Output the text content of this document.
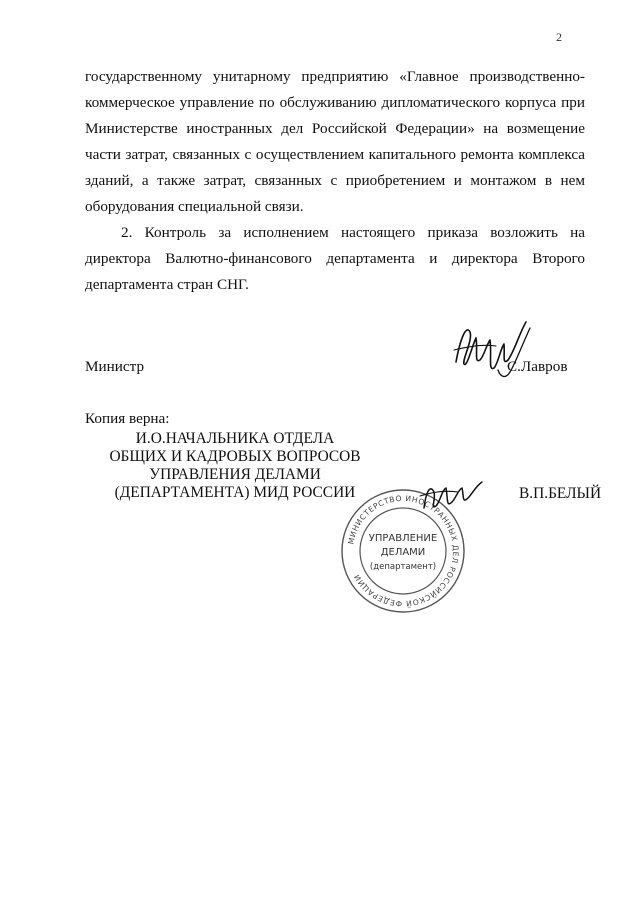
2
государственному унитарному предприятию «Главное производственно-
коммерческое управление по обслуживанию дипломатического корпуса при
Министерстве иностранных дел Российской Федерации» на возмещение
части затрат, связанных с осуществлением капитального ремонта комплекса
зданий, а также затрат, связанных с приобретением и монтажом в нем
оборудования специальной связи.
2. Контроль за исполнением настоящего приказа возложить на
директора Валютно-финансового департамента и директора Второго
департамента стран СНГ.
Министр	С.Лавров
Копия верна:
И.О.НАЧАЛЬНИКА ОТДЕЛА
ОБЩИХ И КАДРОВЫХ ВОПРОСОВ
УПРАВЛЕНИЯ ДЕЛАМИ
(ДЕПАРТАМЕНТА) МИД РОССИИ
МИНИСТЕРСТВО ИНОСТРАННЫХ ДЕЛ РОССИЙСКОЙ ФЕДЕРАЦИИ
УПРАВЛЕНИЕ
ДЕЛАМИ
(департамент)
В.П.БЕЛЫЙ
